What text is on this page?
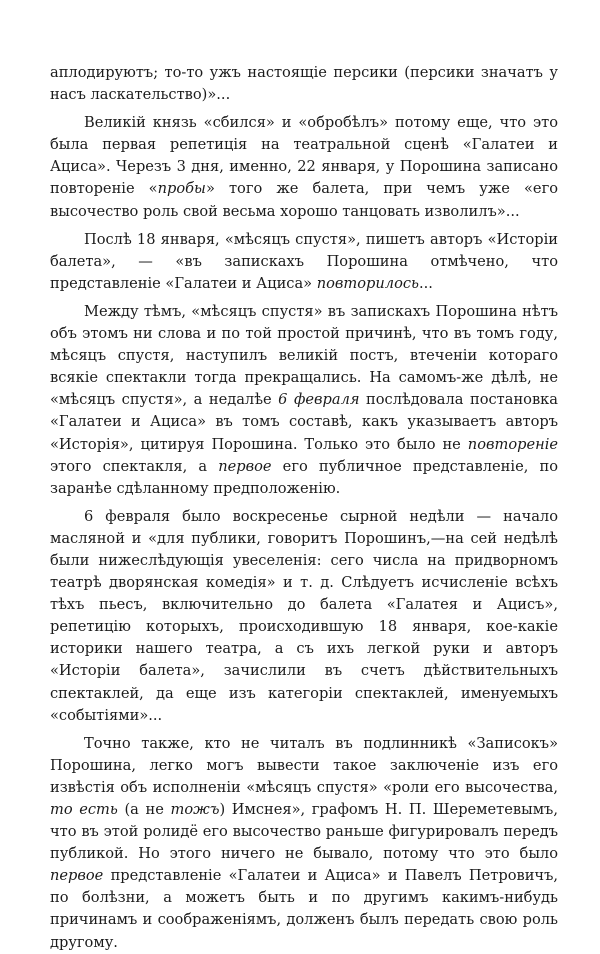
аплодируютъ; то-то ужъ настоящіе персики (персики значатъ у насъ ласкательство)»...

Великій князь «сбился» и «обробѣлъ» потому еще, что это была первая репетиція на театральной сценѣ «Галатеи и Ациса». Черезъ 3 дня, именно, 22 января, у Порошина записано повтореніе «пробы» того же балета, при чемъ уже «его высочество роль свой весьма хорошо танцовать изволилъ»...

Послѣ 18 января, «мѣсяцъ спустя», пишетъ авторъ «Исторіи балета», — «въ запискахъ Порошина отмѣчено, что представленіе «Галатеи и Ациса» повторилось...

Между тѣмъ, «мѣсяцъ спустя» въ запискахъ Порошина нѣтъ объ этомъ ни слова и по той простой причинѣ, что въ томъ году, мѣсяцъ спустя, наступилъ великій постъ, втеченіи котораго всякіе спектакли тогда прекращались. На самомъ-же дѣлѣ, не «мѣсяцъ спустя», а недалѣе 6 февраля послѣдовала постановка «Галатеи и Ациса» въ томъ составѣ, какъ указываетъ авторъ «Исторія», цитируя Порошина. Только это было не повтореніе этого спектакля, а первое его публичное представленіе, по заранѣе сдѣланному предположенію.

6 февраля было воскресенье сырной недѣли — начало масляной и «для публики, говоритъ Порошинъ,—на сей недѣлѣ были нижеслѣдующія увеселенія: сего числа на придворномъ театрѣ дворянская комедія» и т. д. Слѣдуетъ исчисленіе всѣхъ тѣхъ пьесъ, включительно до балета «Галатея и Ацисъ», репетицію которыхъ, происходившую 18 января, кое-какіе историки нашего театра, а съ ихъ легкой руки и авторъ «Исторіи балета», зачислили въ счетъ дѣйствительныхъ спектаклей, да еще изъ категоріи спектаклей, именуемыхъ «событіями»...

Точно также, кто не читалъ въ подлинникѣ «Записокъ» Порошина, легко могъ вывести такое заключеніе изъ его извѣстія объ исполненіи «мѣсяцъ спустя» «роли его высочества, то есть (а не тожъ) Имснея», графомъ Н. П. Шереметевымъ, что въ этой ролидё его высочество раньше фигурировалъ передъ публикой. Но этого ничего не бывало, потому что это было первое представленіе «Галатеи и Ациса» и Павелъ Петровичъ, по болѣзни, а можетъ быть и по другимъ какимъ-нибудь причинамъ и соображеніямъ, долженъ былъ передать свою роль другому.
